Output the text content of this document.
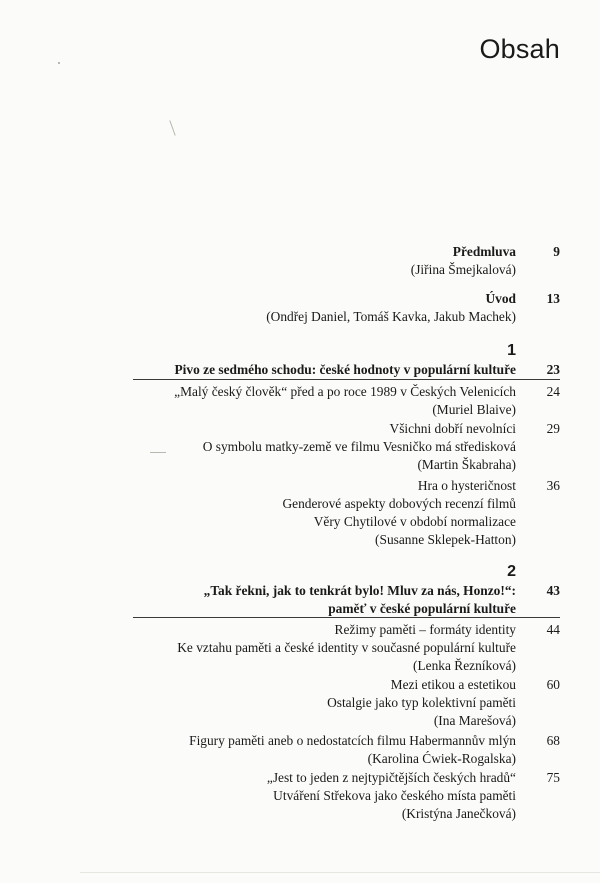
Obsah
Předmluva
(Jiřina Šmejkalová)
9
Úvod
(Ondřej Daniel, Tomáš Kavka, Jakub Machek)
13
1
Pivo ze sedmého schodu: české hodnoty v populární kultuře	23
„Malý český člověk“ před a po roce 1989 v Českých Velenicích
(Muriel Blaive)
24
Všichni dobří nevolníci
O symbolu matky-země ve filmu Vesničko má středisková
(Martin Škabraha)
29
Hra o hysteričnost
Genderové aspekty dobových recenzí filmů
Věry Chytilové v období normalizace
(Susanne Sklepek-Hatton)
36
2
„Tak řekni, jak to tenkrát bylo! Mluv za nás, Honzo!“:
paměť v české populární kultuře
43
Režimy paměti – formáty identity
Ke vztahu paměti a české identity v současné populární kultuře
(Lenka Řezníková)
44
Mezi etikou a estetikou
Ostalgie jako typ kolektivní paměti
(Ina Marešová)
60
Figury paměti aneb o nedostatcích filmu Habermannův mlýn
(Karolina Ćwiek-Rogalska)
68
„Jest to jeden z nejtypičtějších českých hradů“
Utváření Střekova jako českého místa paměti
(Kristýna Janečková)
75
